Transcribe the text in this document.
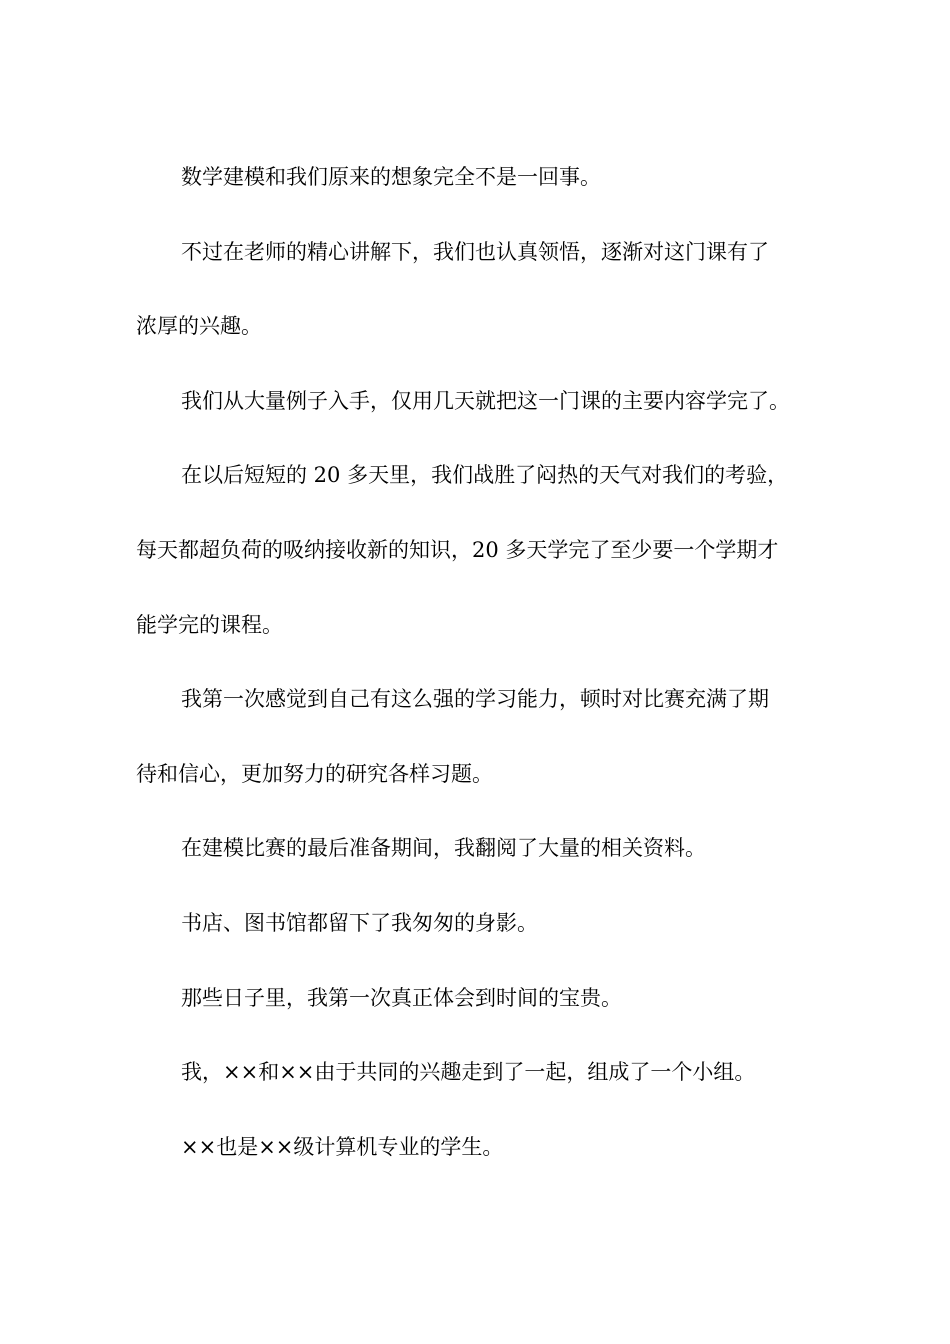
数学建模和我们原来的想象完全不是一回事。

不过在老师的精心讲解下，我们也认真领悟，逐渐对这门课有了
浓厚的兴趣。

我们从大量例子入手，仅用几天就把这一门课的主要内容学完了。

在以后短短的 20 多天里，我们战胜了闷热的天气对我们的考验，
每天都超负荷的吸纳接收新的知识，20 多天学完了至少要一个学期才
能学完的课程。

我第一次感觉到自己有这么强的学习能力，顿时对比赛充满了期
待和信心，更加努力的研究各样习题。

在建模比赛的最后准备期间，我翻阅了大量的相关资料。

书店、图书馆都留下了我匆匆的身影。

那些日子里，我第一次真正体会到时间的宝贵。

我，××和××由于共同的兴趣走到了一起，组成了一个小组。

××也是××级计算机专业的学生。
